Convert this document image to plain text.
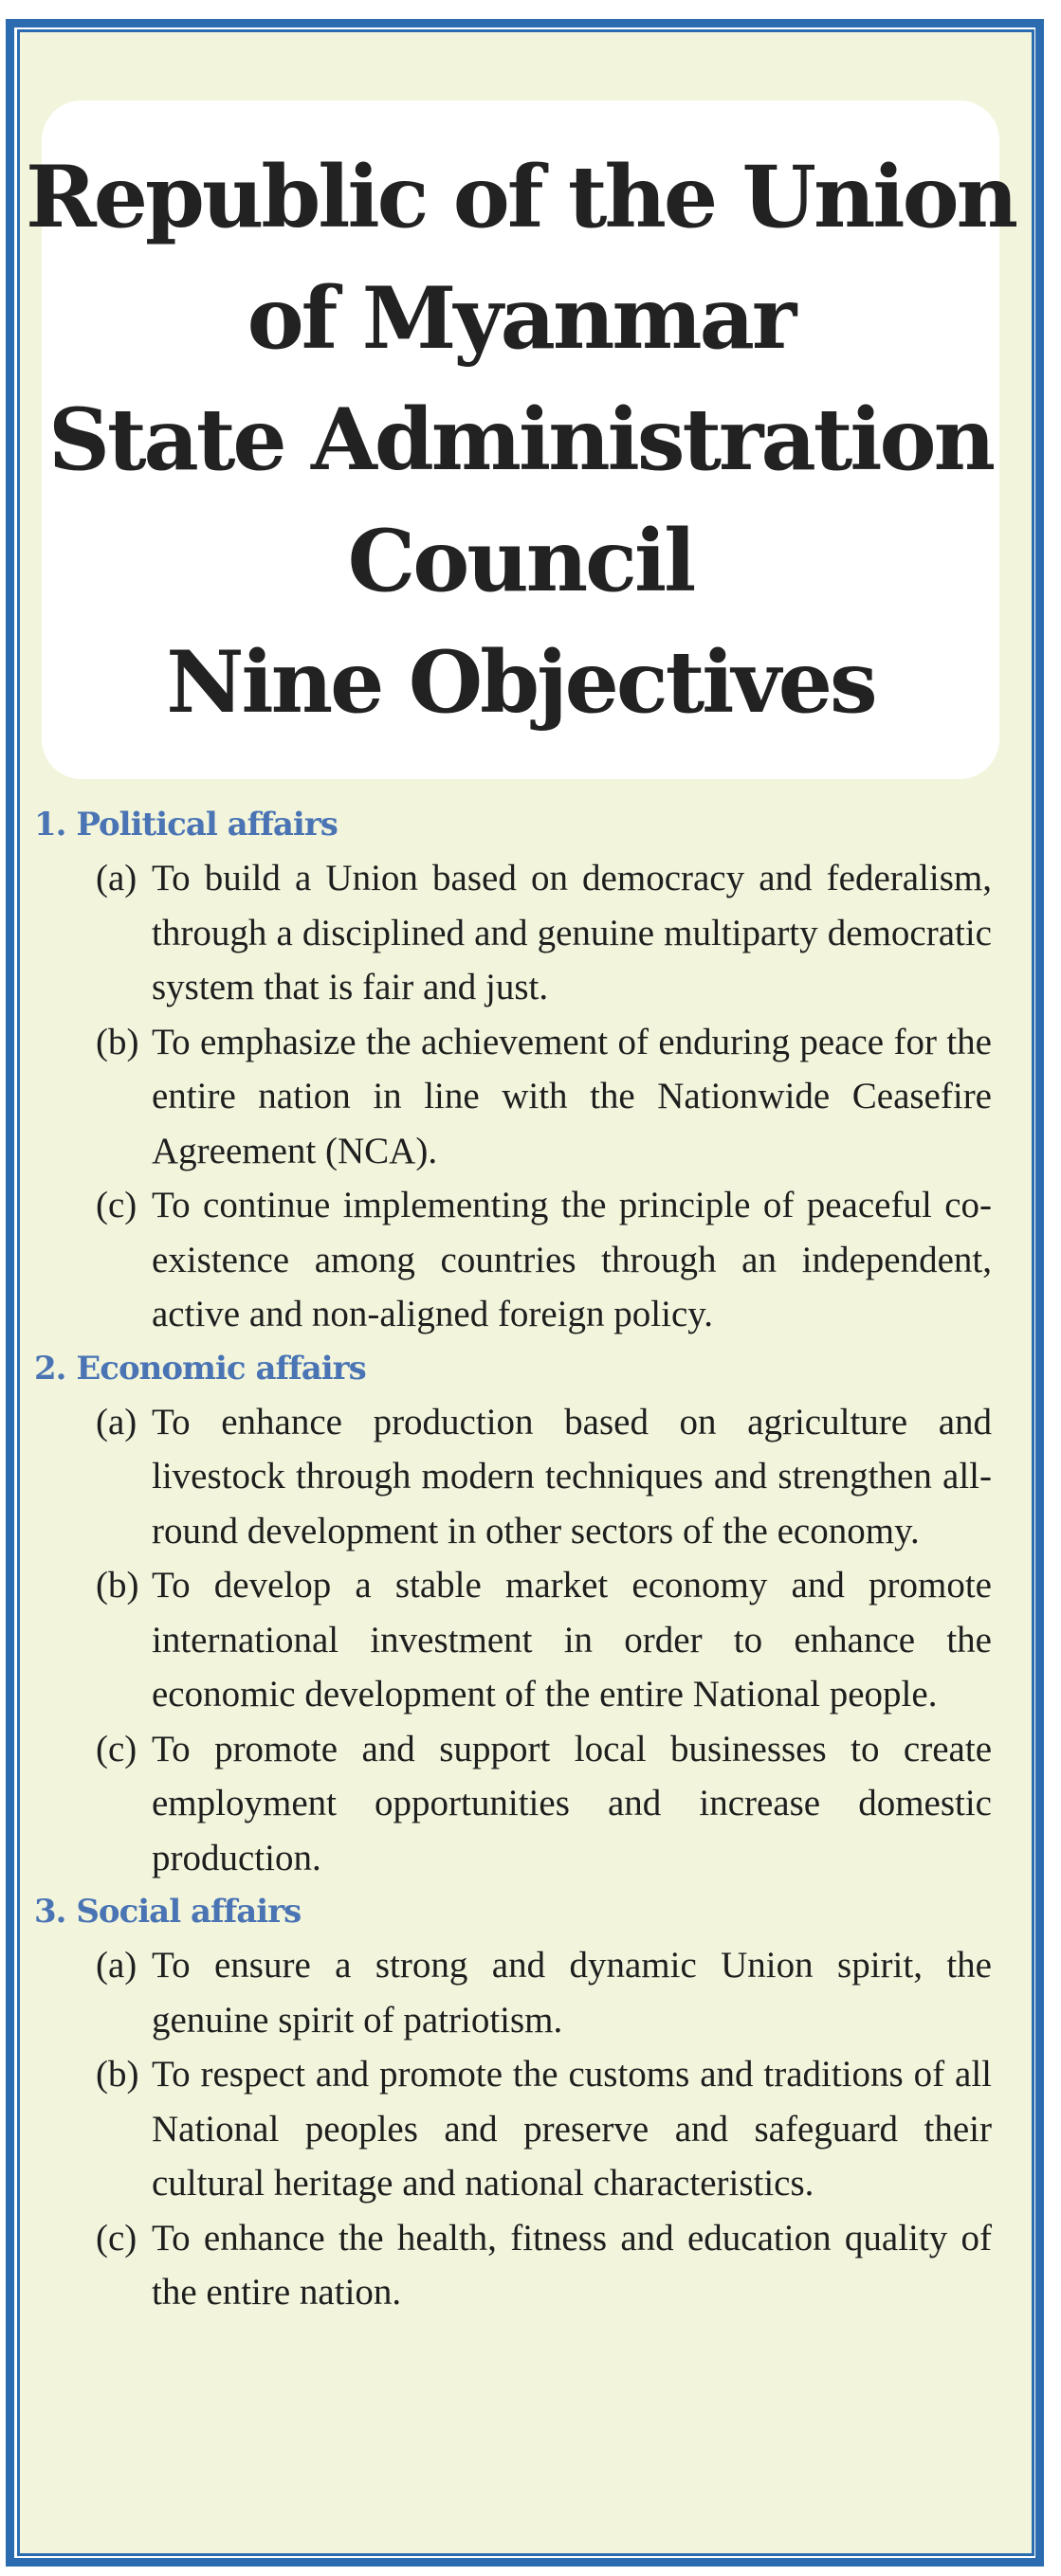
Republic of the Union
of Myanmar
State Administration
Council
Nine Objectives

1. Political affairs

(a) To build a Union based on democracy and federalism, through a disciplined and genuine multiparty democratic system that is fair and just.

(b) To emphasize the achievement of enduring peace for the entire nation in line with the Nationwide Ceasefire Agreement (NCA).

(c) To continue implementing the principle of peaceful co-existence among countries through an independent, active and non-aligned foreign policy.

2. Economic affairs

(a) To enhance production based on agriculture and livestock through modern techniques and strengthen all-round development in other sectors of the economy.

(b) To develop a stable market economy and promote international investment in order to enhance the economic development of the entire National people.

(c) To promote and support local businesses to create employment opportunities and increase domestic production.

3. Social affairs

(a) To ensure a strong and dynamic Union spirit, the genuine spirit of patriotism.

(b) To respect and promote the customs and traditions of all National peoples and preserve and safeguard their cultural heritage and national characteristics.

(c) To enhance the health, fitness and education quality of the entire nation.
